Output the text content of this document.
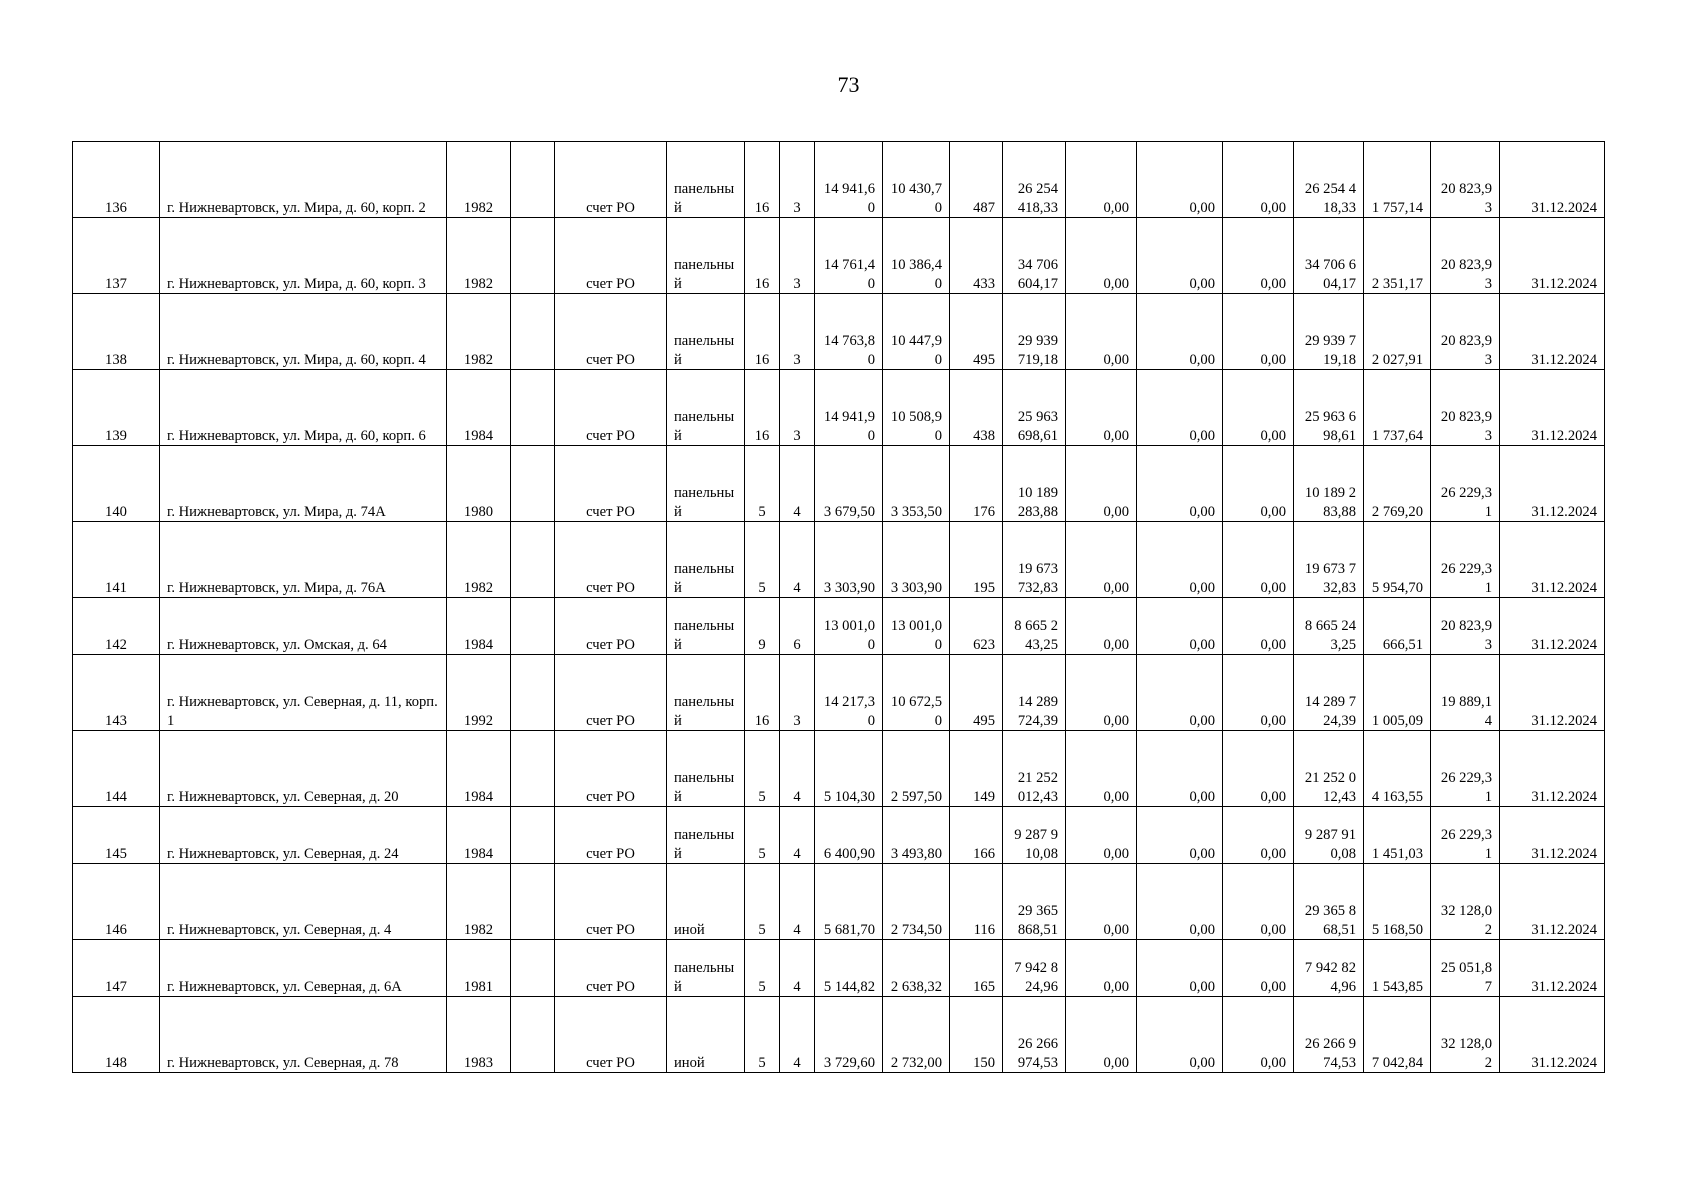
73
136	г. Нижневартовск, ул. Мира, д. 60, корп. 2	1982		счет РО	панельный	16	3	14 941,60	10 430,70	487	26 254 418,33	0,00	0,00	0,00	26 254 418,33	1 757,14	20 823,93	31.12.2024
137	г. Нижневартовск, ул. Мира, д. 60, корп. 3	1982		счет РО	панельный	16	3	14 761,40	10 386,40	433	34 706 604,17	0,00	0,00	0,00	34 706 604,17	2 351,17	20 823,93	31.12.2024
138	г. Нижневартовск, ул. Мира, д. 60, корп. 4	1982		счет РО	панельный	16	3	14 763,80	10 447,90	495	29 939 719,18	0,00	0,00	0,00	29 939 719,18	2 027,91	20 823,93	31.12.2024
139	г. Нижневартовск, ул. Мира, д. 60, корп. 6	1984		счет РО	панельный	16	3	14 941,90	10 508,90	438	25 963 698,61	0,00	0,00	0,00	25 963 698,61	1 737,64	20 823,93	31.12.2024
140	г. Нижневартовск, ул. Мира, д. 74А	1980		счет РО	панельный	5	4	3 679,50	3 353,50	176	10 189 283,88	0,00	0,00	0,00	10 189 283,88	2 769,20	26 229,31	31.12.2024
141	г. Нижневартовск, ул. Мира, д. 76А	1982		счет РО	панельный	5	4	3 303,90	3 303,90	195	19 673 732,83	0,00	0,00	0,00	19 673 732,83	5 954,70	26 229,31	31.12.2024
142	г. Нижневартовск, ул. Омская, д. 64	1984		счет РО	панельный	9	6	13 001,00	13 001,00	623	8 665 243,25	0,00	0,00	0,00	8 665 243,25	666,51	20 823,93	31.12.2024
143	г. Нижневартовск, ул. Северная, д. 11, корп. 1	1992		счет РО	панельный	16	3	14 217,30	10 672,50	495	14 289 724,39	0,00	0,00	0,00	14 289 724,39	1 005,09	19 889,14	31.12.2024
144	г. Нижневартовск, ул. Северная, д. 20	1984		счет РО	панельный	5	4	5 104,30	2 597,50	149	21 252 012,43	0,00	0,00	0,00	21 252 012,43	4 163,55	26 229,31	31.12.2024
145	г. Нижневартовск, ул. Северная, д. 24	1984		счет РО	панельный	5	4	6 400,90	3 493,80	166	9 287 910,08	0,00	0,00	0,00	9 287 910,08	1 451,03	26 229,31	31.12.2024
146	г. Нижневартовск, ул. Северная, д. 4	1982		счет РО	иной	5	4	5 681,70	2 734,50	116	29 365 868,51	0,00	0,00	0,00	29 365 868,51	5 168,50	32 128,02	31.12.2024
147	г. Нижневартовск, ул. Северная, д. 6А	1981		счет РО	панельный	5	4	5 144,82	2 638,32	165	7 942 824,96	0,00	0,00	0,00	7 942 824,96	1 543,85	25 051,87	31.12.2024
148	г. Нижневартовск, ул. Северная, д. 78	1983		счет РО	иной	5	4	3 729,60	2 732,00	150	26 266 974,53	0,00	0,00	0,00	26 266 974,53	7 042,84	32 128,02	31.12.2024
